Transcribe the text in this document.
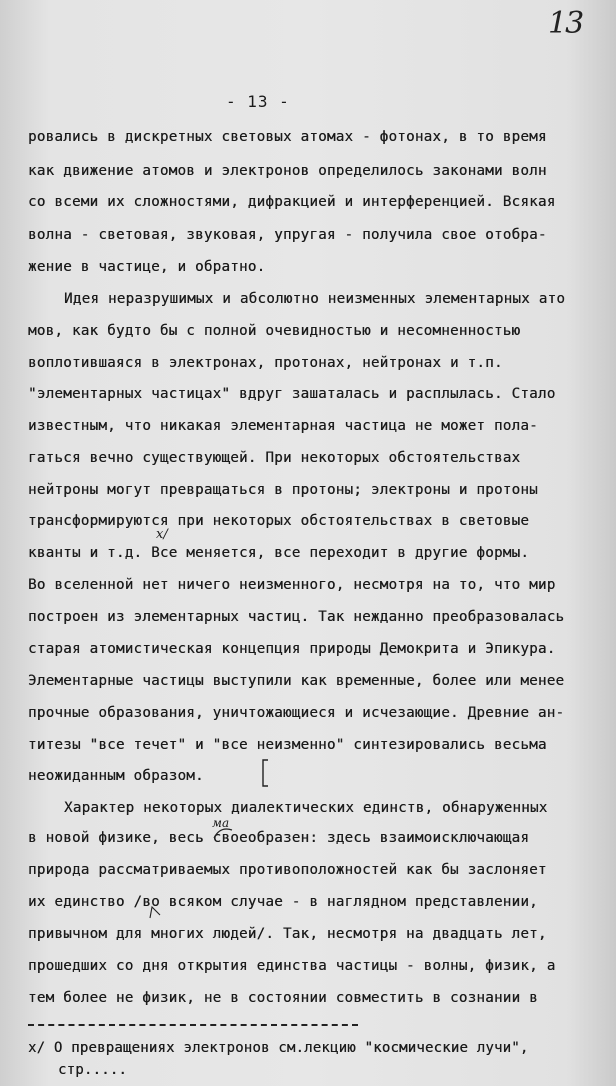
13
- 13 -
ровались в дискретных световых атомах - фотонах, в то время
как движение атомов и электронов определилось законами волн
со всеми их сложностями, дифракцией и интерференцией. Всякая
волна - световая, звуковая, упругая - получила свое отобра-
жение в частице, и обратно.
Идея неразрушимых и абсолютно неизменных элементарных ато
мов, как будто бы с полной очевидностью и несомненностью
воплотившаяся в электронах, протонах, нейтронах и т.п.
"элементарных частицах" вдруг зашаталась и расплылась. Стало
известным, что никакая элементарная частица не может пола-
гаться вечно существующей. При некоторых обстоятельствах
нейтроны могут превращаться в протоны; электроны и протоны
трансформируются при некоторых обстоятельствах в световые
кванты и т.д. Все меняется, все переходит в другие формы.
Во вселенной нет ничего неизменного, несмотря на то, что мир
построен из элементарных частиц. Так нежданно преобразовалась
старая атомистическая концепция природы Демокрита и Эпикура.
Элементарные частицы выступили как временные, более или менее
прочные образования, уничтожающиеся и исчезающие. Древние ан-
титезы "все течет" и "все неизменно" синтезировались весьма
неожиданным образом.
Характер некоторых диалектических единств, обнаруженных
в новой физике, весь своеобразен: здесь взаимоисключающая
природа рассматриваемых противоположностей как бы заслоняет
их единство /во всяком случае - в наглядном представлении,
привычном для многих людей/. Так, несмотря на двадцать лет,
прошедших со дня открытия единства частицы - волны, физик, а
тем более не физик, не в состоянии совместить в сознании в
x/
ма
x/ О превращениях электронов см.лекцию "космические лучи",
стр.....
